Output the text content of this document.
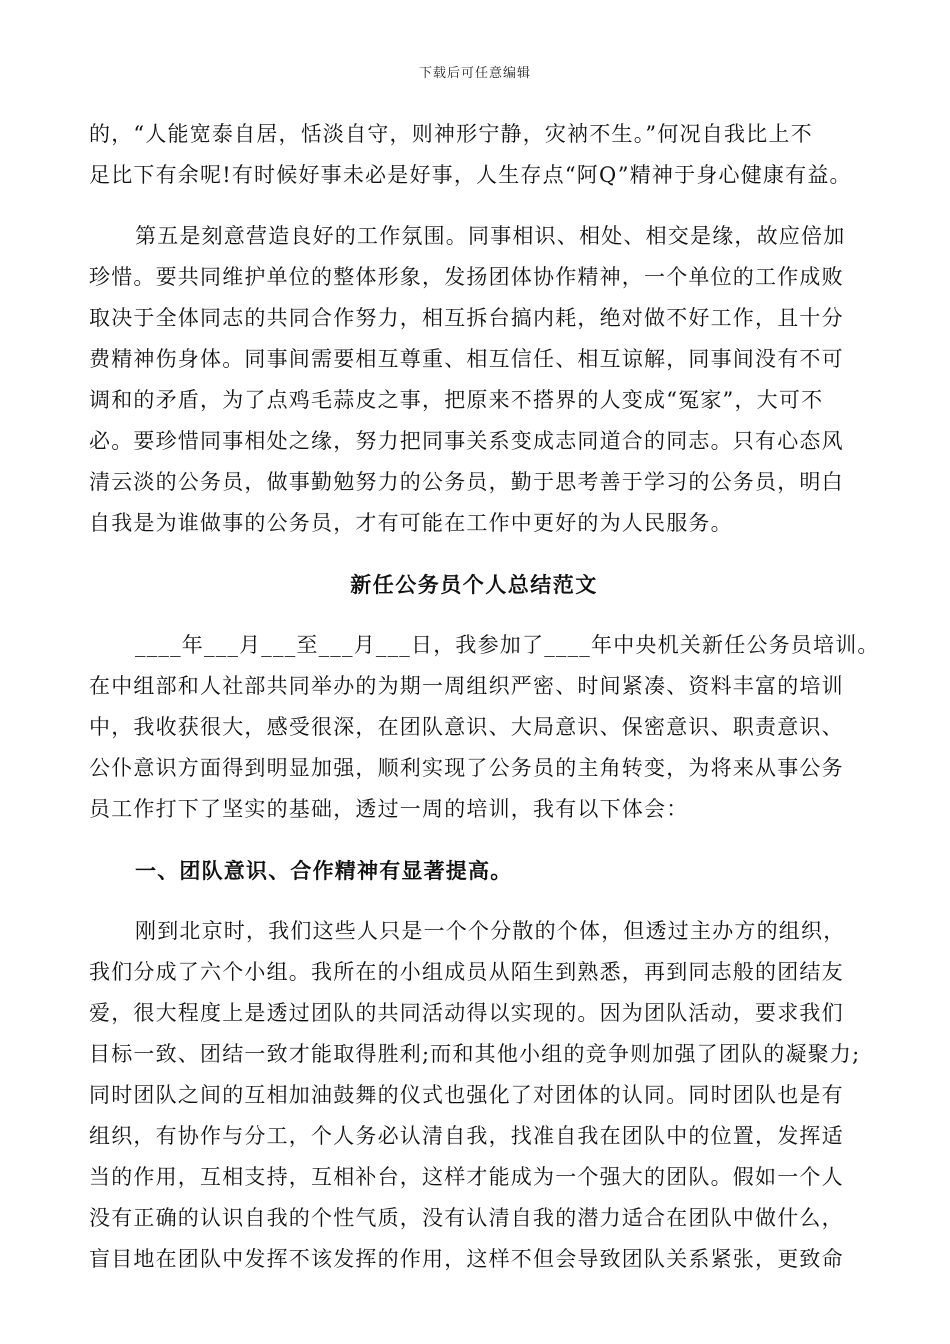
下载后可任意编辑
的，“人能宽泰自居，恬淡自守，则神形宁静，灾衲不生。”何况自我比上不
足比下有余呢!有时候好事未必是好事，人生存点“阿Q”精神于身心健康有益。
第五是刻意营造良好的工作氛围。同事相识、相处、相交是缘，故应倍加
珍惜。要共同维护单位的整体形象，发扬团体协作精神，一个单位的工作成败
取决于全体同志的共同合作努力，相互拆台搞内耗，绝对做不好工作，且十分
费精神伤身体。同事间需要相互尊重、相互信任、相互谅解，同事间没有不可
调和的矛盾，为了点鸡毛蒜皮之事，把原来不搭界的人变成“冤家”，大可不
必。要珍惜同事相处之缘，努力把同事关系变成志同道合的同志。只有心态风
清云淡的公务员，做事勤勉努力的公务员，勤于思考善于学习的公务员，明白
自我是为谁做事的公务员，才有可能在工作中更好的为人民服务。
新任公务员个人总结范文
____年___月___至___月___日，我参加了____年中央机关新任公务员培训。
在中组部和人社部共同举办的为期一周组织严密、时间紧凑、资料丰富的培训
中，我收获很大，感受很深，在团队意识、大局意识、保密意识、职责意识、
公仆意识方面得到明显加强，顺利实现了公务员的主角转变，为将来从事公务
员工作打下了坚实的基础，透过一周的培训，我有以下体会：
一、团队意识、合作精神有显著提高。
刚到北京时，我们这些人只是一个个分散的个体，但透过主办方的组织，
我们分成了六个小组。我所在的小组成员从陌生到熟悉，再到同志般的团结友
爱，很大程度上是透过团队的共同活动得以实现的。因为团队活动，要求我们
目标一致、团结一致才能取得胜利;而和其他小组的竞争则加强了团队的凝聚力;
同时团队之间的互相加油鼓舞的仪式也强化了对团体的认同。同时团队也是有
组织，有协作与分工，个人务必认清自我，找准自我在团队中的位置，发挥适
当的作用，互相支持，互相补台，这样才能成为一个强大的团队。假如一个人
没有正确的认识自我的个性气质，没有认清自我的潜力适合在团队中做什么，
盲目地在团队中发挥不该发挥的作用，这样不但会导致团队关系紧张，更致命
